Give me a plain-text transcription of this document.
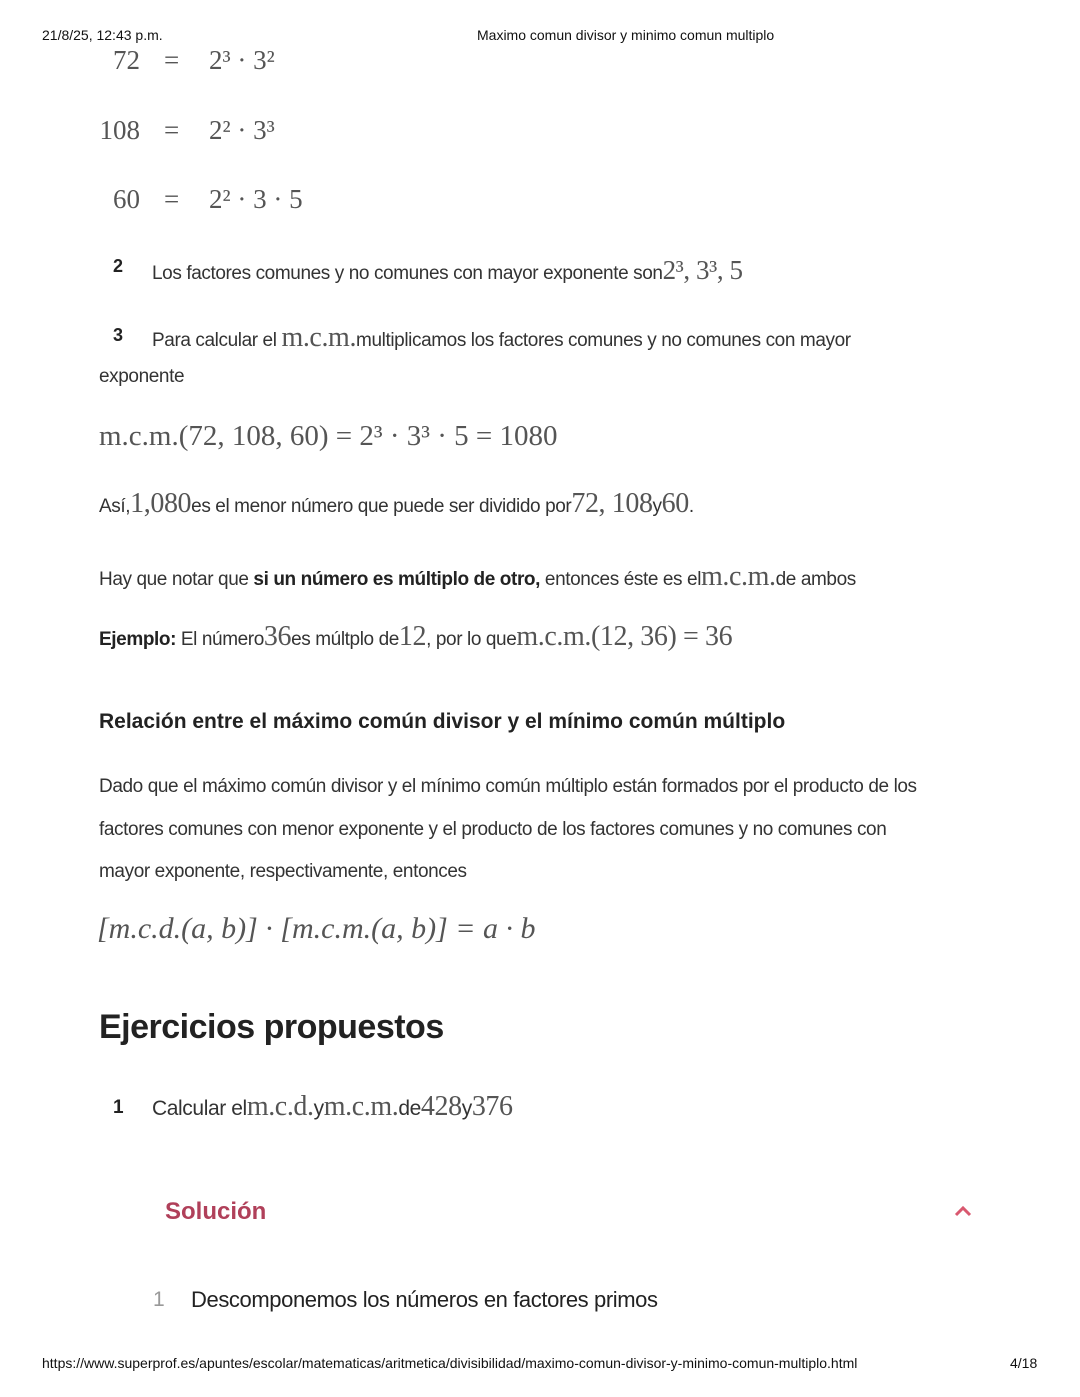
21/8/25, 12:43 p.m.	Maximo comun divisor y minimo comun multiplo
72 = 2³ · 3²
108 = 2² · 3³
60 = 2² · 3 · 5
2 Los factores comunes y no comunes con mayor exponente son2³, 3³, 5
3 Para calcular el m.c.m.multiplicamos los factores comunes y no comunes con mayor
exponente
m.c.m.(72, 108, 60) = 2³ · 3³ · 5 = 1080
Así,1,080es el menor número que puede ser dividido por72, 108y60.
Hay que notar que si un número es múltiplo de otro, entonces éste es elm.c.m.de ambos
Ejemplo: El número36es múltplo de12, por lo quem.c.m.(12, 36) = 36
Relación entre el máximo común divisor y el mínimo común múltiplo
Dado que el máximo común divisor y el mínimo común múltiplo están formados por el producto de los
factores comunes con menor exponente y el producto de los factores comunes y no comunes con
mayor exponente, respectivamente, entonces
[m.c.d.(a, b)] · [m.c.m.(a, b)] = a · b
Ejercicios propuestos
1 Calcular elm.c.d.ym.c.m.de428y376
Solución
1 Descomponemos los números en factores primos
https://www.superprof.es/apuntes/escolar/matematicas/aritmetica/divisibilidad/maximo-comun-divisor-y-minimo-comun-multiplo.html	4/18
